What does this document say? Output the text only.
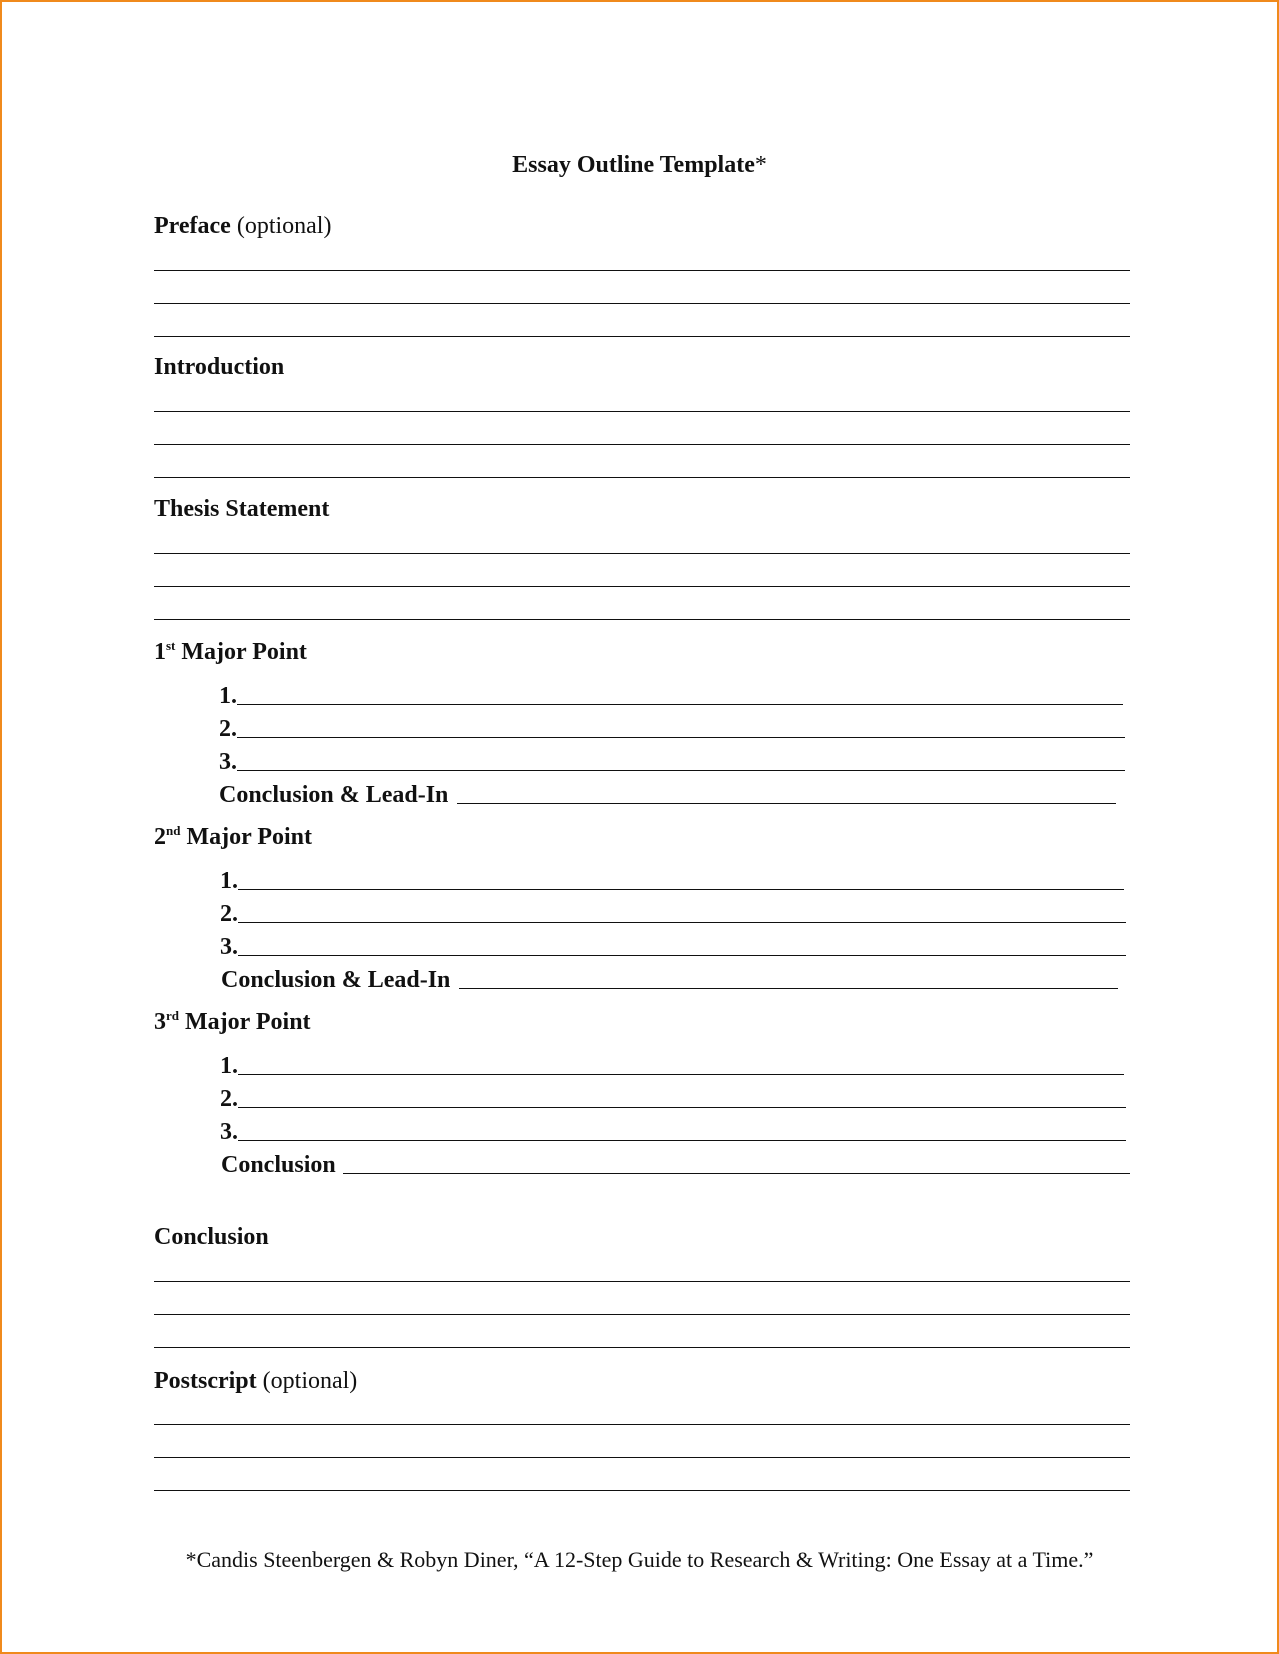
Essay Outline Template*
Preface (optional)
Introduction
Thesis Statement
1st Major Point
1.
2.
3.
Conclusion & Lead-In
2nd Major Point
1.
2.
3.
Conclusion & Lead-In
3rd Major Point
1.
2.
3.
Conclusion
Conclusion
Postscript (optional)
*Candis Steenbergen & Robyn Diner, “A 12-Step Guide to Research & Writing: One Essay at a Time.”
